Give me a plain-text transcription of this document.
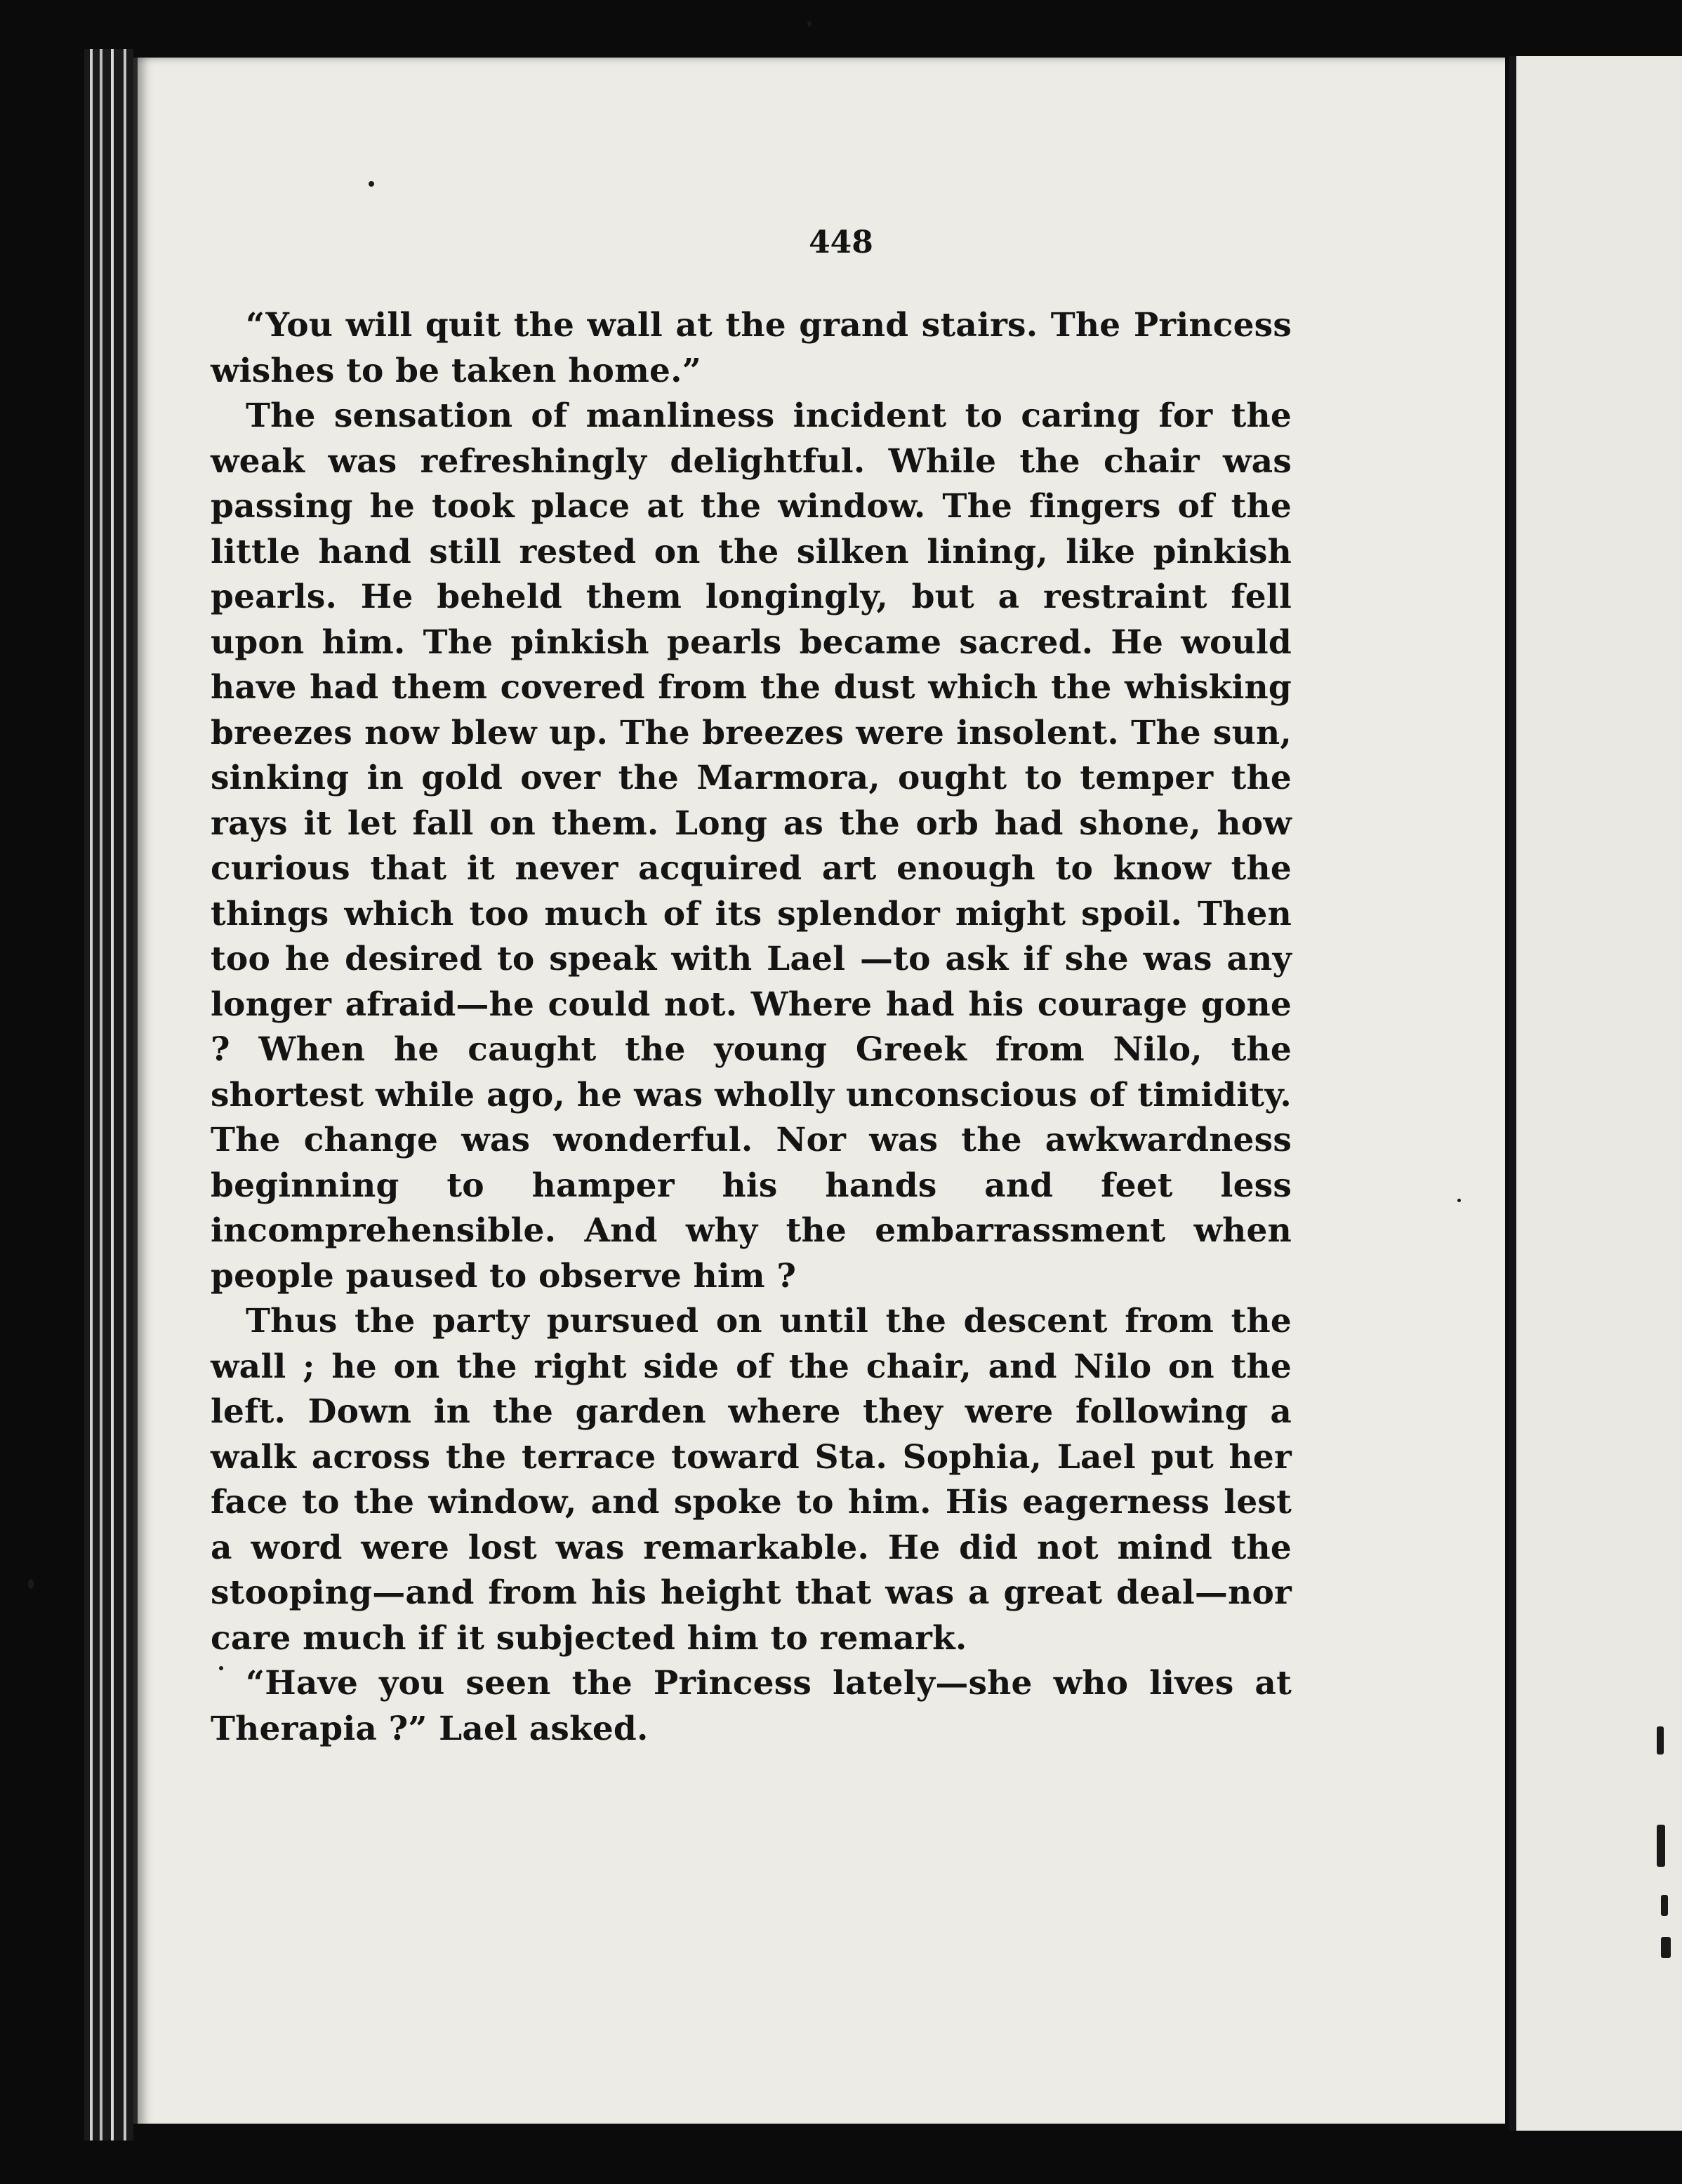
448

“You will quit the wall at the grand stairs. The Princess wishes to be taken home.”

The sensation of manliness incident to caring for the weak was refreshingly delightful. While the chair was passing he took place at the window. The fingers of the little hand still rested on the silken lining, like pinkish pearls. He beheld them longingly, but a restraint fell upon him. The pinkish pearls became sacred. He would have had them covered from the dust which the whisking breezes now blew up. The breezes were insolent. The sun, sinking in gold over the Marmora, ought to temper the rays it let fall on them. Long as the orb had shone, how curious that it never acquired art enough to know the things which too much of its splendor might spoil. Then too he desired to speak with Lael —to ask if she was any longer afraid—he could not. Where had his courage gone ? When he caught the young Greek from Nilo, the shortest while ago, he was wholly unconscious of timidity. The change was wonderful. Nor was the awkwardness beginning to hamper his hands and feet less incomprehensible. And why the embarrassment when people paused to observe him ?

Thus the party pursued on until the descent from the wall ; he on the right side of the chair, and Nilo on the left. Down in the garden where they were following a walk across the terrace toward Sta. Sophia, Lael put her face to the window, and spoke to him. His eagerness lest a word were lost was remarkable. He did not mind the stooping—and from his height that was a great deal—nor care much if it subjected him to remark.

“Have you seen the Princess lately—she who lives at Therapia ?” Lael asked.
